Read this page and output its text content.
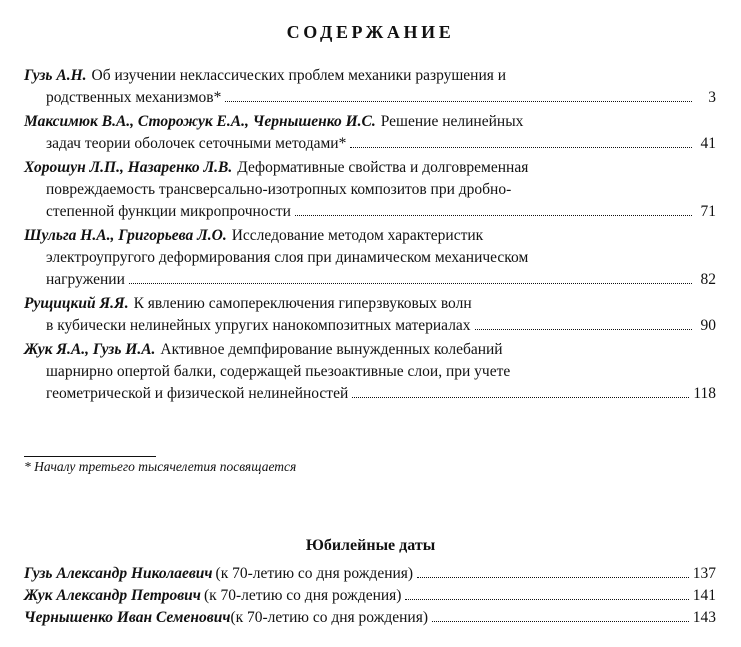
СОДЕРЖАНИЕ
Гузь А.Н. Об изучении неклассических проблем механики разрушения и
родственных механизмов*	3
Максимюк В.А., Сторожук Е.А., Чернышенко И.С. Решение нелинейных
задач теории оболочек сеточными методами*	41
Хорошун Л.П., Назаренко Л.В. Деформативные свойства и долговременная
повреждаемость трансверсально-изотропных композитов при дробно-
степенной функции микропрочности	71
Шульга Н.А., Григорьева Л.О. Исследование методом характеристик
электроупругого деформирования слоя при динамическом механическом
нагружении	82
Рущицкий Я.Я. К явлению самопереключения гиперзвуковых волн
в кубически нелинейных упругих нанокомпозитных материалах	90
Жук Я.А., Гузь И.А. Активное демпфирование вынужденных колебаний
шарнирно опертой балки, содержащей пьезоактивные слои, при учете
геометрической и физической нелинейностей	118
* Началу третьего тысячелетия посвящается
Юбилейные даты
Гузь Александр Николаевич (к 70-летию со дня рождения)	137
Жук Александр Петрович (к 70-летию со дня рождения)	141
Чернышенко Иван Семенович (к 70-летию со дня рождения)	143
